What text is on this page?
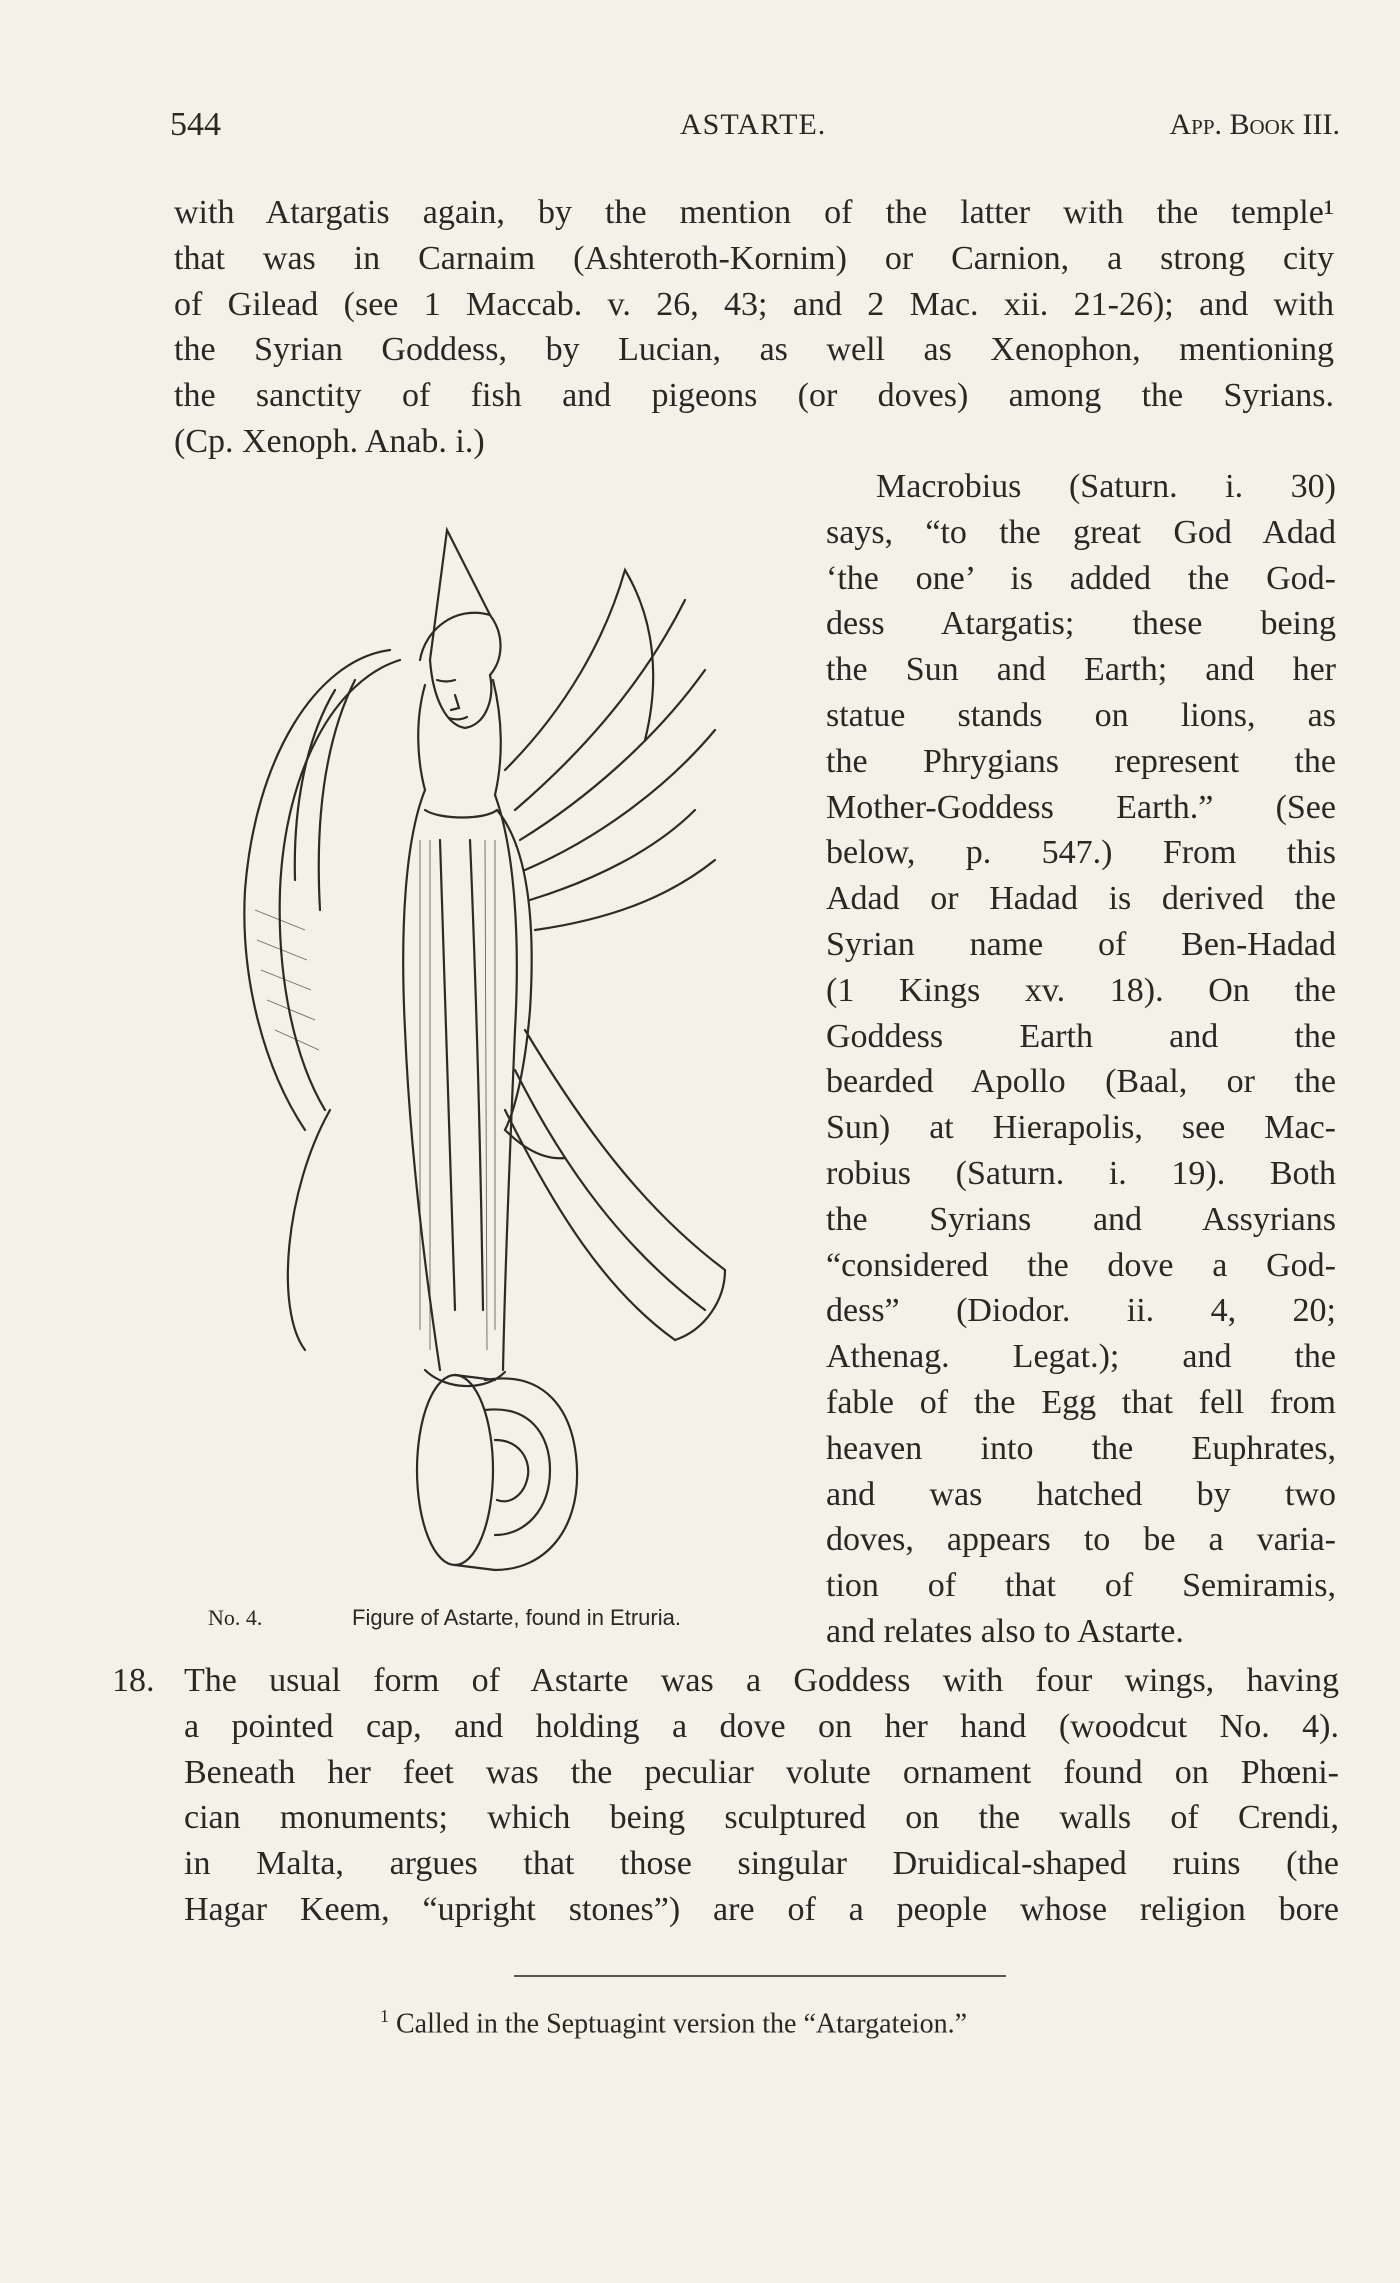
544	ASTARTE.	App. Book III.
with Atargatis again, by the mention of the latter with the temple¹
that was in Carnaim (Ashteroth-Kornim) or Carnion, a strong city
of Gilead (see 1 Maccab. v. 26, 43; and 2 Mac. xii. 21-26); and with
the Syrian Goddess, by Lucian, as well as Xenophon, mentioning
the sanctity of fish and pigeons (or doves) among the Syrians.
(Cp. Xenoph. Anab. i.)
Macrobius (Saturn. i. 30)
says, “to the great God Adad
‘the one’ is added the God-
dess Atargatis; these being
the Sun and Earth; and her
statue stands on lions, as
the Phrygians represent the
Mother-Goddess Earth.” (See
below, p. 547.) From this
Adad or Hadad is derived the
Syrian name of Ben-Hadad
(1 Kings xv. 18). On the
Goddess Earth and the
bearded Apollo (Baal, or the
Sun) at Hierapolis, see Mac-
robius (Saturn. i. 19). Both
the Syrians and Assyrians
“considered the dove a God-
dess” (Diodor. ii. 4, 20;
Athenag. Legat.); and the
fable of the Egg that fell from
heaven into the Euphrates,
and was hatched by two
doves, appears to be a varia-
tion of that of Semiramis,
and relates also to Astarte.
No. 4.	Figure of Astarte, found in Etruria.
18. The usual form of Astarte was a Goddess with four wings, having
a pointed cap, and holding a dove on her hand (woodcut No. 4).
Beneath her feet was the peculiar volute ornament found on Phœni-
cian monuments; which being sculptured on the walls of Crendi,
in Malta, argues that those singular Druidical-shaped ruins (the
Hagar Keem, “upright stones”) are of a people whose religion bore
$^1$ Called in the Septuagint version the “Atargateion.”
